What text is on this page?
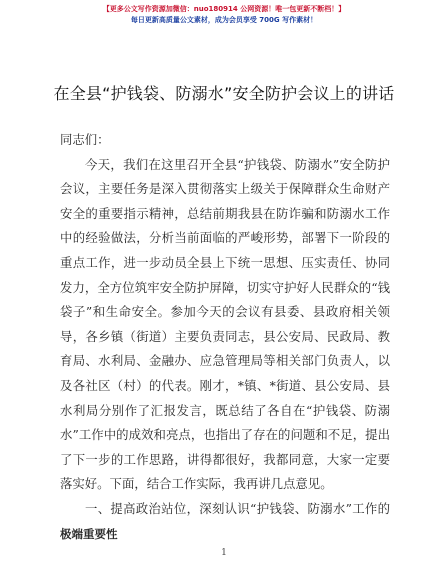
【更多公文写作资源加微信：nuo180914 公网资源！唯一包更新不断档！】
每日更新高质量公文素材，成为会员享受 700G 写作素材！
在全县“护钱袋、防溺水”安全防护会议上的讲话

同志们：

今天，我们在这里召开全县“护钱袋、防溺水”安全防护会议，主要任务是深入贯彻落实上级关于保障群众生命财产安全的重要指示精神，总结前期我县在防诈骗和防溺水工作中的经验做法，分析当前面临的严峻形势，部署下一阶段的重点工作，进一步动员全县上下统一思想、压实责任、协同发力，全方位筑牢安全防护屏障，切实守护好人民群众的“钱袋子”和生命安全。参加今天的会议有县委、县政府相关领导，各乡镇（街道）主要负责同志，县公安局、民政局、教育局、水利局、金融办、应急管理局等相关部门负责人，以及各社区（村）的代表。刚才，*镇、*街道、县公安局、县水利局分别作了汇报发言，既总结了各自在“护钱袋、防溺水”工作中的成效和亮点，也指出了存在的问题和不足，提出了下一步的工作思路，讲得都很好，我都同意，大家一定要落实好。下面，结合工作实际，我再讲几点意见。

一、提高政治站位，深刻认识“护钱袋、防溺水”工作的极端重要性

1
